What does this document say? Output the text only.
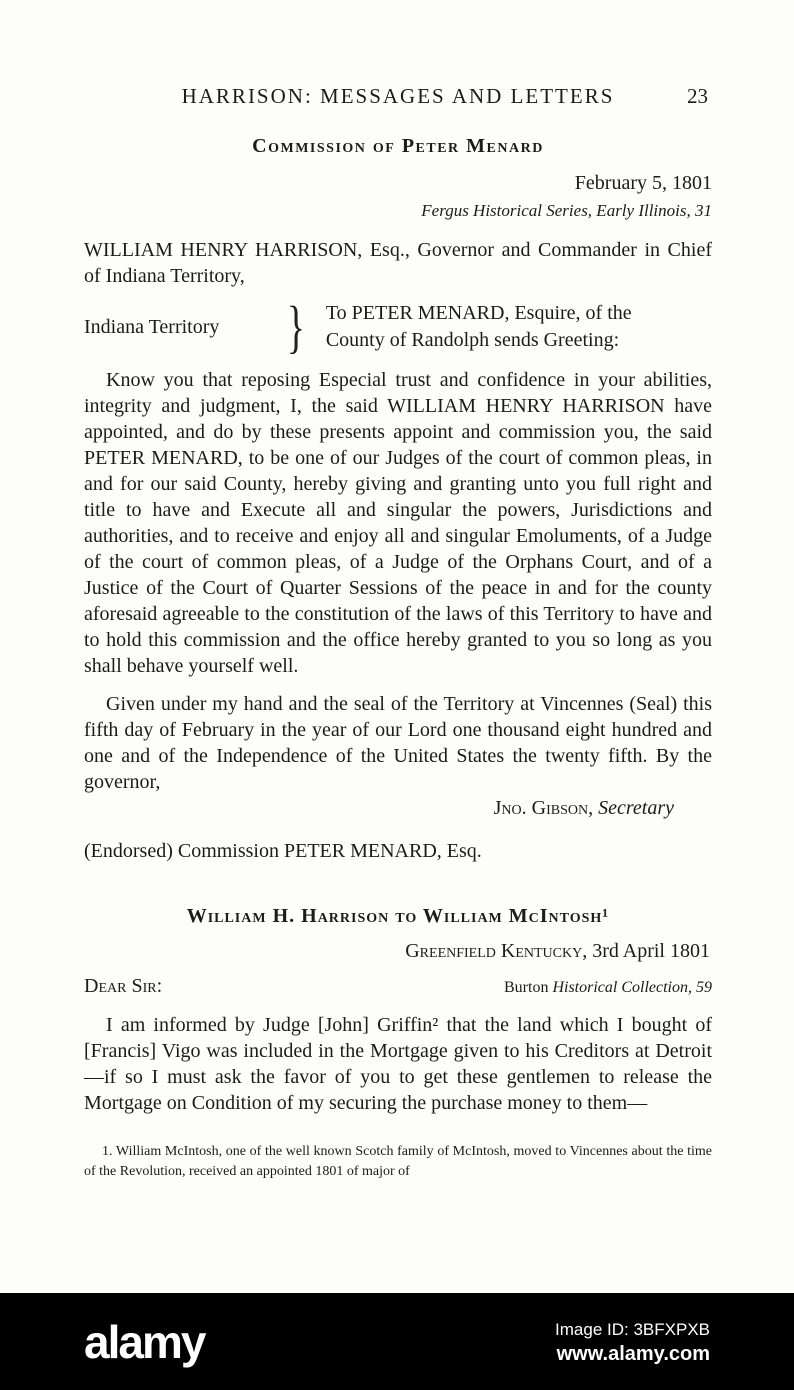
HARRISON: MESSAGES AND LETTERS	23
Commission of Peter Menard
February 5, 1801
Fergus Historical Series, Early Illinois, 31

WILLIAM HENRY HARRISON, Esq., Governor and Commander in Chief of Indiana Territory,

Indiana Territory	} To PETER MENARD, Esquire, of the
County of Randolph sends Greeting:

Know you that reposing Especial trust and confidence in your abilities, integrity and judgment, I, the said WILLIAM HENRY HARRISON have appointed, and do by these presents appoint and commission you, the said PETER MENARD, to be one of our Judges of the court of common pleas, in and for our said County, hereby giving and granting unto you full right and title to have and Execute all and singular the powers, Jurisdictions and authorities, and to receive and enjoy all and singular Emoluments, of a Judge of the court of common pleas, of a Judge of the Orphans Court, and of a Justice of the Court of Quarter Sessions of the peace in and for the county aforesaid agreeable to the constitution of the laws of this Territory to have and to hold this commission and the office hereby granted to you so long as you shall behave yourself well.

Given under my hand and the seal of the Territory at Vincennes (Seal) this fifth day of February in the year of our Lord one thousand eight hundred and one and of the Independence of the United States the twenty fifth. By the governor,

Jno. Gibson, Secretary
(Endorsed) Commission PETER MENARD, Esq.
William H. Harrison to William McIntosh¹
Greenfield Kentucky, 3rd April 1801
Dear Sir:	Burton Historical Collection, 59

I am informed by Judge [John] Griffin² that the land which I bought of [Francis] Vigo was included in the Mortgage given to his Creditors at Detroit—if so I must ask the favor of you to get these gentlemen to release the Mortgage on Condition of my securing the purchase money to them—

1. William McIntosh, one of the well known Scotch family of McIntosh, moved to Vincennes about the time of the Revolution, received an appointed 1801 of major of

alamy	Image ID: 3BFXPXB
www.alamy.com
